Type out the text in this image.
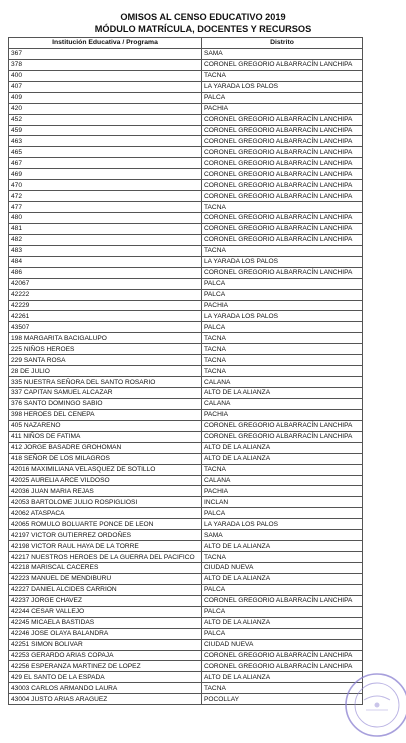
OMISOS AL CENSO EDUCATIVO 2019
MÓDULO MATRÍCULA, DOCENTES Y RECURSOS
Institución Educativa / Programa	Distrito
367	SAMA
378	CORONEL GREGORIO ALBARRACÍN LANCHIPA
400	TACNA
407	LA YARADA LOS PALOS
409	PALCA
420	PACHIA
452	CORONEL GREGORIO ALBARRACÍN LANCHIPA
459	CORONEL GREGORIO ALBARRACÍN LANCHIPA
463	CORONEL GREGORIO ALBARRACÍN LANCHIPA
465	CORONEL GREGORIO ALBARRACÍN LANCHIPA
467	CORONEL GREGORIO ALBARRACÍN LANCHIPA
469	CORONEL GREGORIO ALBARRACÍN LANCHIPA
470	CORONEL GREGORIO ALBARRACÍN LANCHIPA
472	CORONEL GREGORIO ALBARRACÍN LANCHIPA
477	TACNA
480	CORONEL GREGORIO ALBARRACÍN LANCHIPA
481	CORONEL GREGORIO ALBARRACÍN LANCHIPA
482	CORONEL GREGORIO ALBARRACÍN LANCHIPA
483	TACNA
484	LA YARADA LOS PALOS
486	CORONEL GREGORIO ALBARRACÍN LANCHIPA
42067	PALCA
42222	PALCA
42229	PACHIA
42261	LA YARADA LOS PALOS
43507	PALCA
198 MARGARITA BACIGALUPO	TACNA
225 NIÑOS HEROES	TACNA
229 SANTA ROSA	TACNA
28 DE JULIO	TACNA
335 NUESTRA SEÑORA DEL SANTO ROSARIO	CALANA
337 CAPITAN SAMUEL ALCAZAR	ALTO DE LA ALIANZA
376 SANTO DOMINGO SABIO	CALANA
398 HEROES DEL CENEPA	PACHIA
405 NAZARENO	CORONEL GREGORIO ALBARRACÍN LANCHIPA
411 NIÑOS DE FATIMA	CORONEL GREGORIO ALBARRACÍN LANCHIPA
412 JORGE BASADRE GROHOMAN	ALTO DE LA ALIANZA
418 SEÑOR DE LOS MILAGROS	ALTO DE LA ALIANZA
42016 MAXIMILIANA VELASQUEZ DE SOTILLO	TACNA
42025 AURELIA ARCE VILDOSO	CALANA
42036 JUAN MARIA REJAS	PACHIA
42053 BARTOLOME JULIO ROSPIGLIOSI	INCLAN
42062 ATASPACA	PALCA
42065 ROMULO BOLUARTE PONCE DE LEON	LA YARADA LOS PALOS
42197 VICTOR GUTIERREZ ORDOÑES	SAMA
42198 VICTOR RAUL HAYA DE LA TORRE	ALTO DE LA ALIANZA
42217 NUESTROS HEROES DE LA GUERRA DEL PACIFICO	TACNA
42218 MARISCAL CACERES	CIUDAD NUEVA
42223 MANUEL DE MENDIBURU	ALTO DE LA ALIANZA
42227 DANIEL ALCIDES CARRION	PALCA
42237 JORGE CHAVEZ	CORONEL GREGORIO ALBARRACÍN LANCHIPA
42244 CESAR VALLEJO	PALCA
42245 MICAELA BASTIDAS	ALTO DE LA ALIANZA
42246 JOSE OLAYA BALANDRA	PALCA
42251 SIMON BOLIVAR	CIUDAD NUEVA
42253 GERARDO ARIAS COPAJA	CORONEL GREGORIO ALBARRACÍN LANCHIPA
42256 ESPERANZA MARTINEZ DE LOPEZ	CORONEL GREGORIO ALBARRACÍN LANCHIPA
429 EL SANTO DE LA ESPADA	ALTO DE LA ALIANZA
43003 CARLOS ARMANDO LAURA	TACNA
43004 JUSTO ARIAS ARAGUEZ	POCOLLAY
